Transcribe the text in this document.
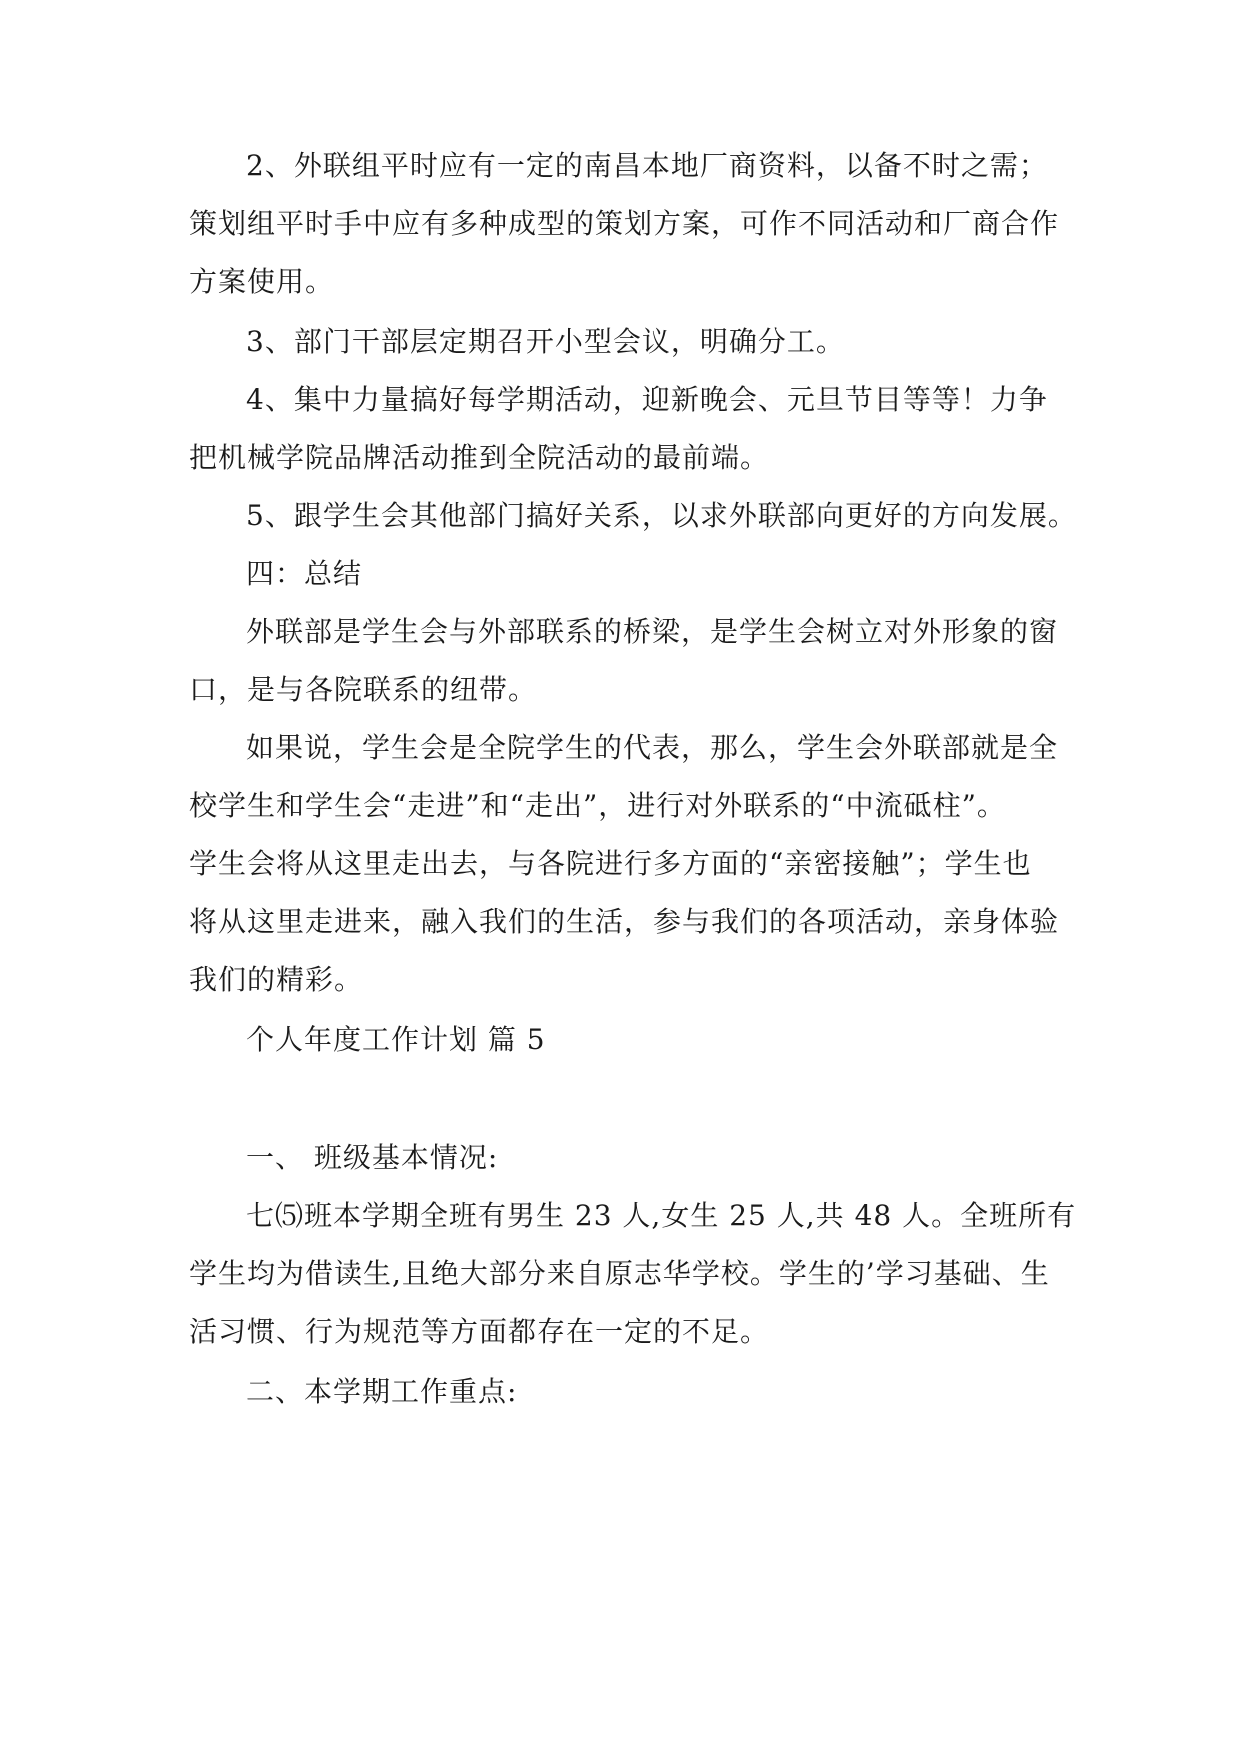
2、外联组平时应有一定的南昌本地厂商资料，以备不时之需；
策划组平时手中应有多种成型的策划方案，可作不同活动和厂商合作
方案使用。
3、部门干部层定期召开小型会议，明确分工。
4、集中力量搞好每学期活动，迎新晚会、元旦节目等等！力争
把机械学院品牌活动推到全院活动的最前端。
5、跟学生会其他部门搞好关系，以求外联部向更好的方向发展。
四：总结
外联部是学生会与外部联系的桥梁，是学生会树立对外形象的窗
口，是与各院联系的纽带。
如果说，学生会是全院学生的代表，那么，学生会外联部就是全
校学生和学生会“走进”和“走出”，进行对外联系的“中流砥柱”。
学生会将从这里走出去，与各院进行多方面的“亲密接触”；学生也
将从这里走进来，融入我们的生活，参与我们的各项活动，亲身体验
我们的精彩。
个人年度工作计划 篇 5
一、 班级基本情况:
七⑸班本学期全班有男生 23 人,女生 25 人,共 48 人。全班所有
学生均为借读生,且绝大部分来自原志华学校。学生的’学习基础、生
活习惯、行为规范等方面都存在一定的不足。
二、本学期工作重点:
